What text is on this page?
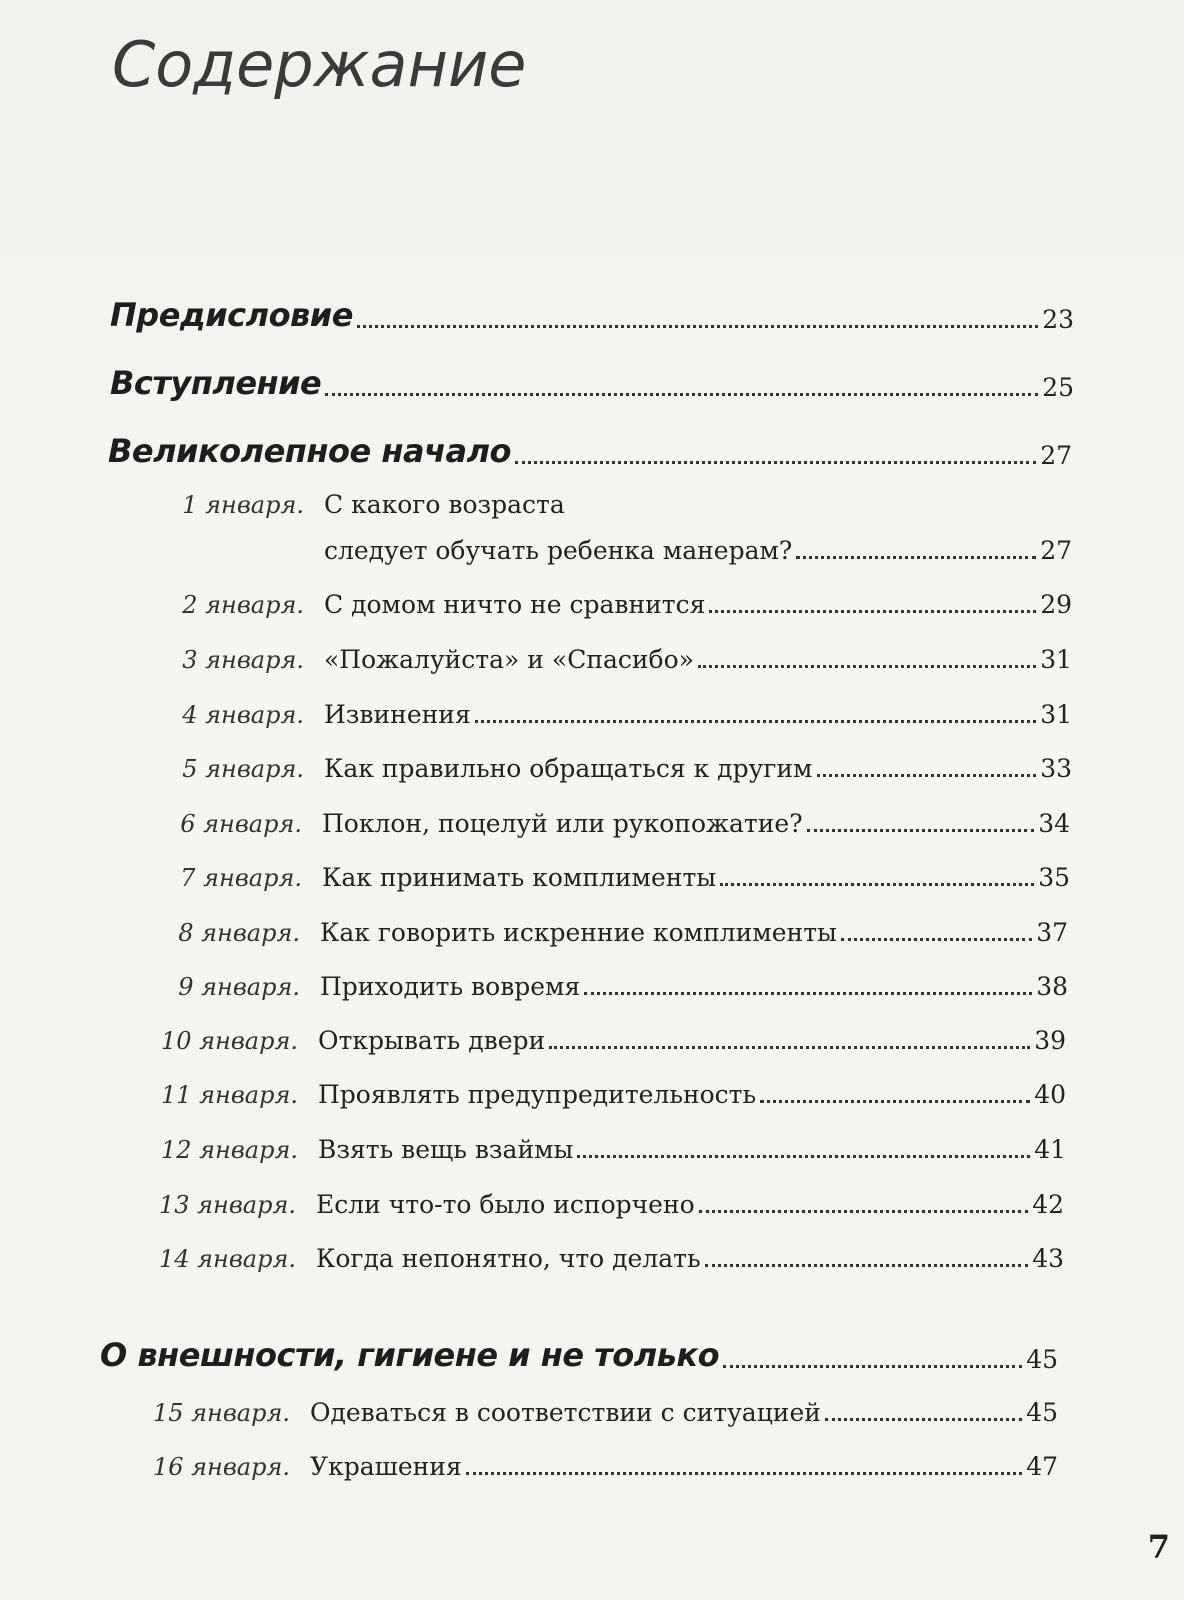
Содержание
Предисловие	23
Вступление	25
Великолепное начало	27
1 января. С какого возраста
следует обучать ребенка манерам?	27
2 января. С домом ничто не сравнится	29
3 января. «Пожалуйста» и «Спасибо»	31
4 января. Извинения	31
5 января. Как правильно обращаться к другим	33
6 января. Поклон, поцелуй или рукопожатие?	34
7 января. Как принимать комплименты	35
8 января. Как говорить искренние комплименты	37
9 января. Приходить вовремя	38
10 января. Открывать двери	39
11 января. Проявлять предупредительность	40
12 января. Взять вещь взаймы	41
13 января. Если что-то было испорчено	42
14 января. Когда непонятно, что делать	43
О внешности, гигиене и не только	45
15 января. Одеваться в соответствии с ситуацией	45
16 января. Украшения	47
7
